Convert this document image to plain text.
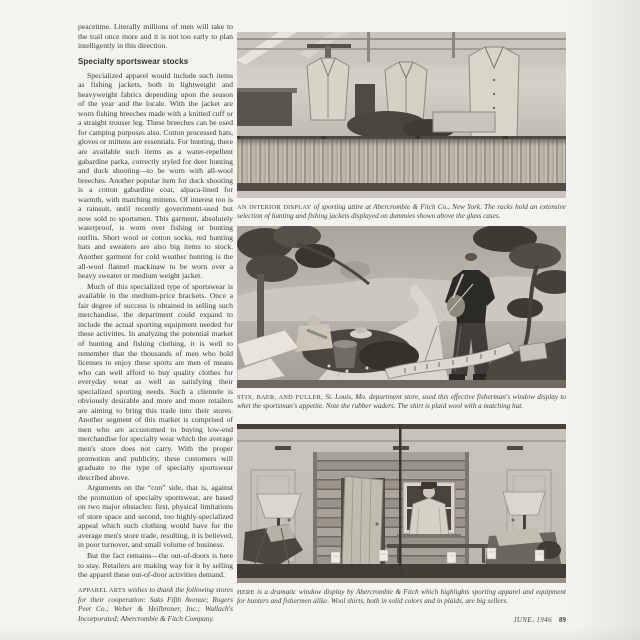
peacetime. Literally millions of men will take to the trail once more and it is not too early to plan intelligently in this direction.

Specialty sportswear stocks

Specialized apparel would include such items as fishing jackets, both in lightweight and heavyweight fabrics depending upon the season of the year and the locale. With the jacket are worn fishing breeches made with a knitted cuff or a straight trouser leg. These breeches can be used for camping purposes also. Cotton processed hats, gloves or mittens are essentials. For hunting, there are available such items as a water-repellent gabardine parka, correctly styled for deer hunting and duck shooting—to be worn with all-wool breeches. Another popular item for duck shooting is a cotton gabardine coat, alpaca-lined for warmth, with matching mittens. Of interest too is a rainsuit, until recently government-used but now sold to sportsmen. This garment, absolutely waterproof, is worn over fishing or hunting outfits. Short wool or cotton socks, red hunting hats and sweaters are also big items to stock. Another garment for cold weather hunting is the all-wool flannel mackinaw to be worn over a heavy sweater or medium weight jacket.

Much of this specialized type of sportswear is available in the medium-price brackets. Once a fair degree of success is obtained in selling such merchandise, the department could expand to include the actual sporting equipment needed for these activities. In analyzing the potential market of hunting and fishing clothing, it is well to remember that the thousands of men who hold licenses to enjoy these sports are men of means who can well afford to buy quality clothes for everyday wear as well as satisfying their specialized sporting needs. Such a clientele is obviously desirable and more and more retailers are aiming to bring this trade into their stores. Another segment of this market is comprised of men who are accustomed to buying low-end merchandise for specialty wear which the average men's store does not carry. With the proper promotion and publicity, these customers will graduate to the type of specialty sportswear described above.

Arguments on the “con” side, that is, against the promotion of specialty sportswear, are based on two major obstacles: first, physical limitations of store space and second, too highly-specialized appeal which such clothing would have for the average men's store trade, resulting, it is believed, in poor turnover, and small volume of business.

But the fact remains—the out-of-doors is here to stay. Retailers are making way for it by selling the apparel these out-of-door activities demand.

APPAREL ARTS wishes to thank the following stores for their cooperation: Saks Fifth Avenue; Rogers Peet Co.; Weber & Heilbroner, Inc.; Wallach's Incorporated; Abercrombie & Fitch Company.

AN INTERIOR DISPLAY of sporting attire at Abercrombie & Fitch Co., New York. The racks hold an extensive selection of hunting and fishing jackets displayed on dummies shown above the glass cases.
STIX, BAER, AND FULLER, St. Louis, Mo. department store, used this effective fisherman's window display to whet the sportsman's appetite. Note the rubber waders. The shirt is plaid wool with a matching hat.
HERE is a dramatic window display by Abercrombie & Fitch which highlights sporting apparel and equipment for hunters and fishermen alike. Wool shirts, both in solid colors and in plaids, are big sellers.
JUNE, 1946 89
